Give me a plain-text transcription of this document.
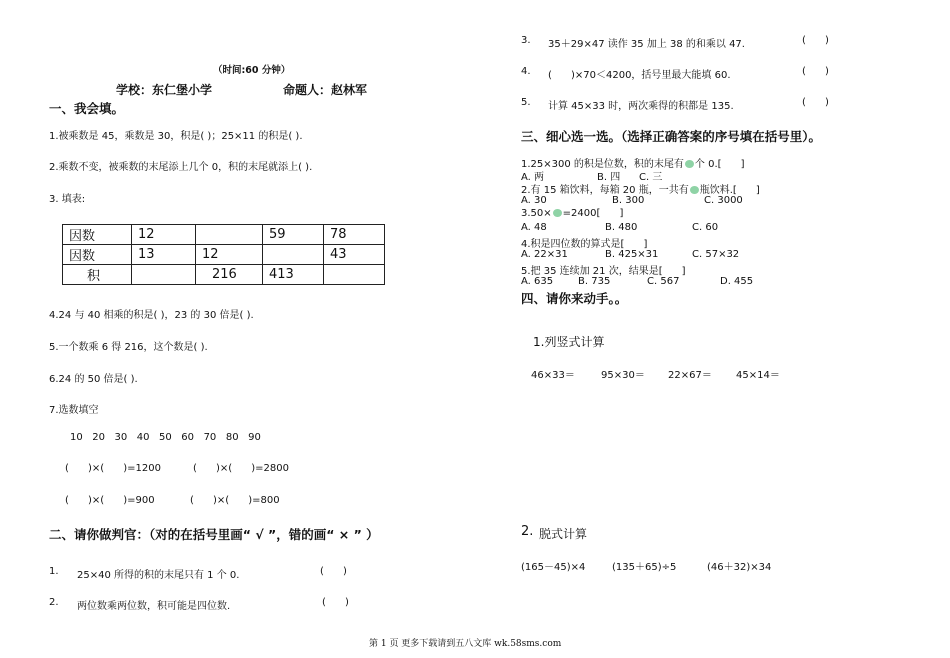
（时间:60 分钟）
学校：东仁堡小学	命题人：赵林军
一、我会填。
1.被乘数是 45，乘数是 30，积是( )；25×11 的积是( ).
2.乘数不变，被乘数的末尾添上几个 0，积的末尾就添上( ).
3. 填表:
因数	12		59	78
因数	13	12		43
积		216	413	
4.24 与 40 相乘的积是( )，23 的 30 倍是( ).
5.一个数乘 6 得 216，这个数是( ).
6.24 的 50 倍是( ).
7.选数填空
10   20   30   40   50   60   70   80   90
(      )×(      )=1200	(      )×(      )=2800
(      )×(      )=900	(      )×(      )=800
二、请你做判官：（对的在括号里画“ √ ”，错的画“ × ” ）
1. 25×40 所得的积的末尾只有 1 个 0.	(      )
2. 两位数乘两位数，积可能是四位数.	(      )
3. 35＋29×47 读作 35 加上 38 的和乘以 47.	(      )
4. (      )×70＜4200，括号里最大能填 60.	(      )
5. 计算 45×33 时，两次乘得的积都是 135.	(      )
三、细心选一选。（选择正确答案的序号填在括号里）。
1.25×300 的积是位数，积的末尾有 个 0.[      ]
A. 两	B. 四 C. 三
2.有 15 箱饮料，每箱 20 瓶，一共有 瓶饮料.[      ]
A. 30	B. 300	C. 3000
3.50× =2400[      ]
A. 48	B. 480	C. 60
4.积是四位数的算式是[      ]
A. 22×31	B. 425×31	C. 57×32
5.把 35 连续加 21 次，结果是[      ]
A. 635 B. 735	C. 567	D. 455
四、请你来动手。。
1.列竖式计算
46×33＝	95×30＝ 22×67＝ 45×14＝
2. 脱式计算
(165－45)×4	(135＋65)÷5	(46＋32)×34
第 1 页 更多下载请到五八文库 wk.58sms.com
